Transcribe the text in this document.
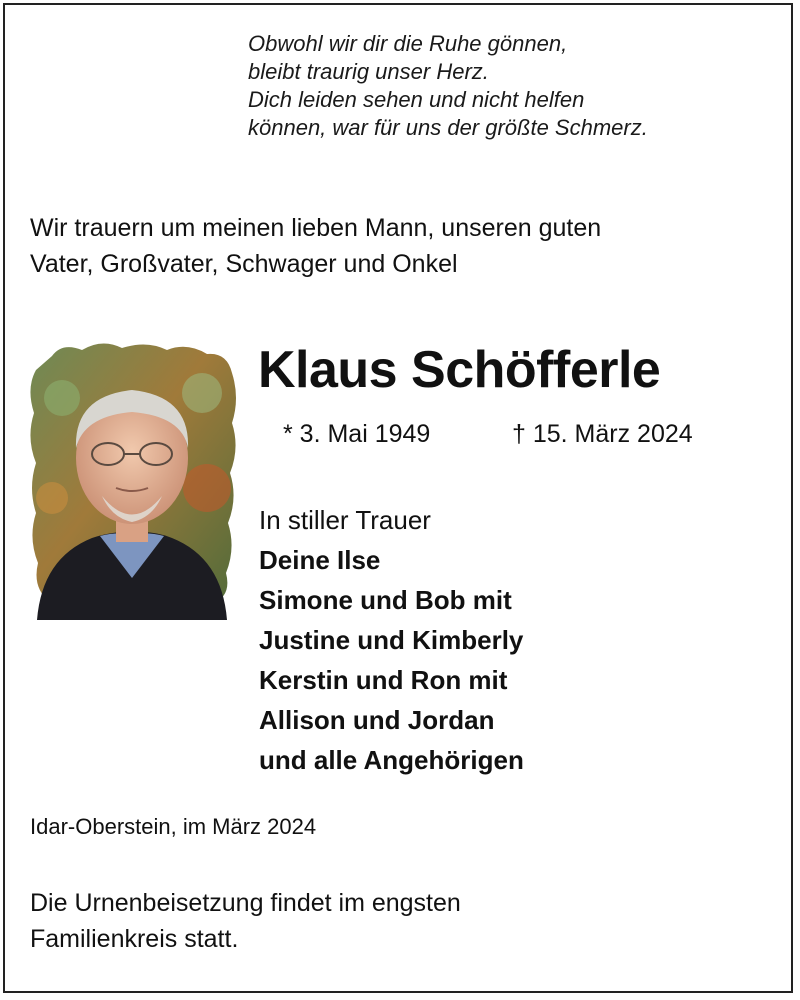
Obwohl wir dir die Ruhe gönnen,
bleibt traurig unser Herz.
Dich leiden sehen und nicht helfen
können, war für uns der größte Schmerz.
Wir trauern um meinen lieben Mann, unseren guten
Vater, Großvater, Schwager und Onkel
Klaus Schöfferle
* 3. Mai 1949	† 15. März 2024
In stiller Trauer
Deine Ilse
Simone und Bob mit
Justine und Kimberly
Kerstin und Ron mit
Allison und Jordan
und alle Angehörigen
Idar-Oberstein, im März 2024
Die Urnenbeisetzung findet im engsten
Familienkreis statt.
